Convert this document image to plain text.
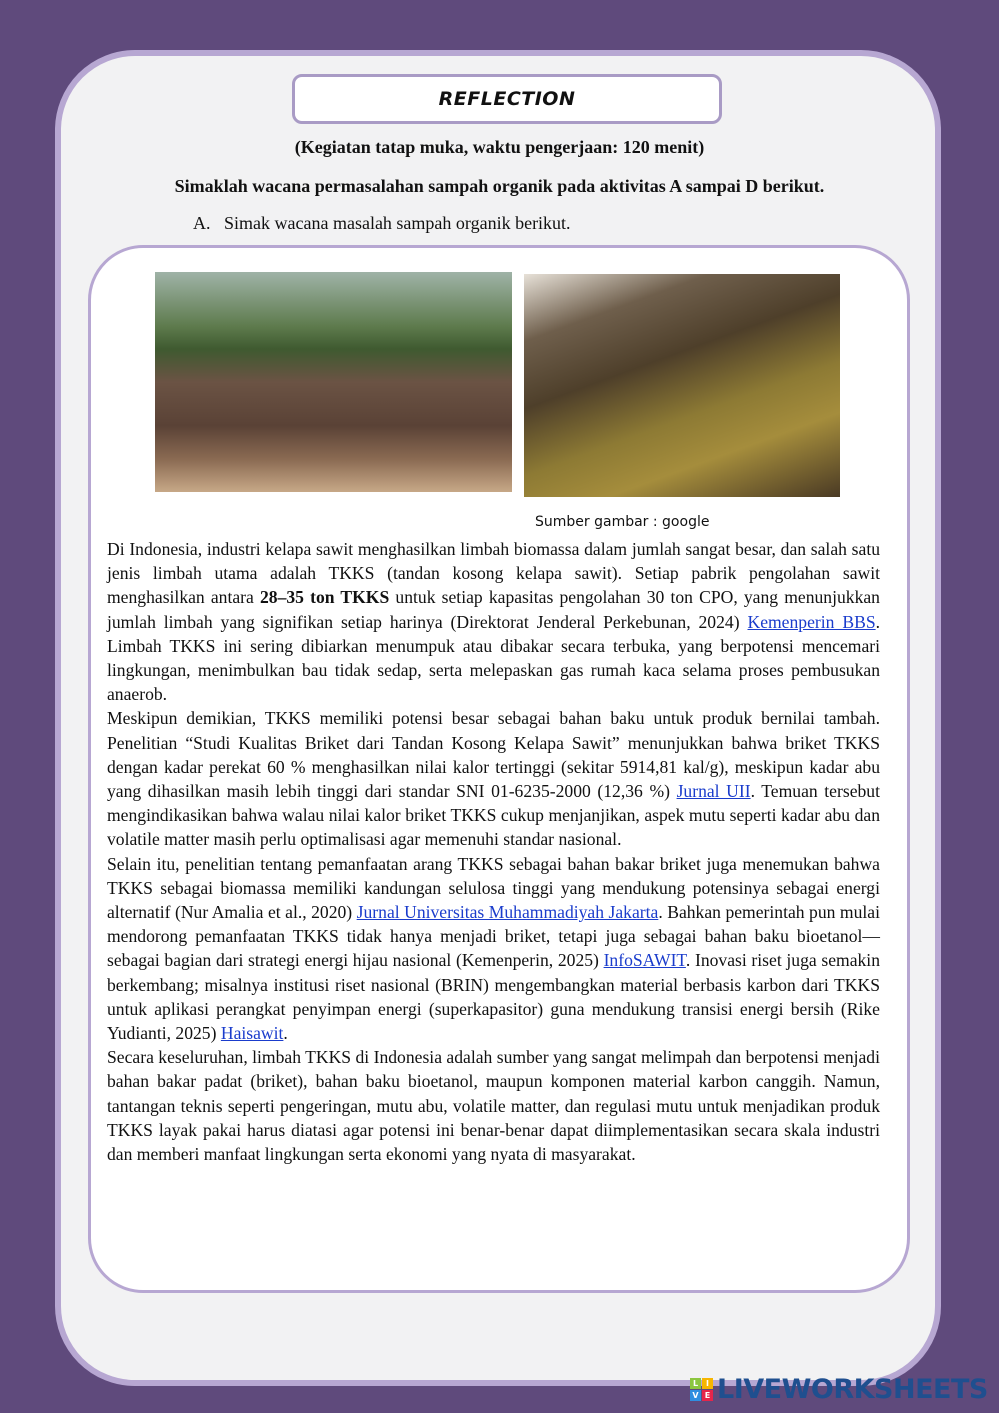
REFLECTION
(Kegiatan tatap muka, waktu pengerjaan: 120 menit)
Simaklah wacana permasalahan sampah organik pada aktivitas A sampai D berikut.
A.   Simak wacana masalah sampah organik berikut.
Sumber gambar : google

Di Indonesia, industri kelapa sawit menghasilkan limbah biomassa dalam jumlah sangat besar, dan salah satu jenis limbah utama adalah TKKS (tandan kosong kelapa sawit). Setiap pabrik pengolahan sawit menghasilkan antara 28–35 ton TKKS untuk setiap kapasitas pengolahan 30 ton CPO, yang menunjukkan jumlah limbah yang signifikan setiap harinya (Direktorat Jenderal Perkebunan, 2024) Kemenperin BBS. Limbah TKKS ini sering dibiarkan menumpuk atau dibakar secara terbuka, yang berpotensi mencemari lingkungan, menimbulkan bau tidak sedap, serta melepaskan gas rumah kaca selama proses pembusukan anaerob.

Meskipun demikian, TKKS memiliki potensi besar sebagai bahan baku untuk produk bernilai tambah. Penelitian “Studi Kualitas Briket dari Tandan Kosong Kelapa Sawit” menunjukkan bahwa briket TKKS dengan kadar perekat 60 % menghasilkan nilai kalor tertinggi (sekitar 5914,81 kal/g), meskipun kadar abu yang dihasilkan masih lebih tinggi dari standar SNI 01-6235-2000 (12,36 %) Jurnal UII. Temuan tersebut mengindikasikan bahwa walau nilai kalor briket TKKS cukup menjanjikan, aspek mutu seperti kadar abu dan volatile matter masih perlu optimalisasi agar memenuhi standar nasional.

Selain itu, penelitian tentang pemanfaatan arang TKKS sebagai bahan bakar briket juga menemukan bahwa TKKS sebagai biomassa memiliki kandungan selulosa tinggi yang mendukung potensinya sebagai energi alternatif (Nur Amalia et al., 2020) Jurnal Universitas Muhammadiyah Jakarta. Bahkan pemerintah pun mulai mendorong pemanfaatan TKKS tidak hanya menjadi briket, tetapi juga sebagai bahan baku bioetanol—sebagai bagian dari strategi energi hijau nasional (Kemenperin, 2025) InfoSAWIT. Inovasi riset juga semakin berkembang; misalnya institusi riset nasional (BRIN) mengembangkan material berbasis karbon dari TKKS untuk aplikasi perangkat penyimpan energi (superkapasitor) guna mendukung transisi energi bersih (Rike Yudianti, 2025) Haisawit.

Secara keseluruhan, limbah TKKS di Indonesia adalah sumber yang sangat melimpah dan berpotensi menjadi bahan bakar padat (briket), bahan baku bioetanol, maupun komponen material karbon canggih. Namun, tantangan teknis seperti pengeringan, mutu abu, volatile matter, dan regulasi mutu untuk menjadikan produk TKKS layak pakai harus diatasi agar potensi ini benar-benar dapat diimplementasikan secara skala industri dan memberi manfaat lingkungan serta ekonomi yang nyata di masyarakat.

L I
V E LIVEWORKSHEETS
